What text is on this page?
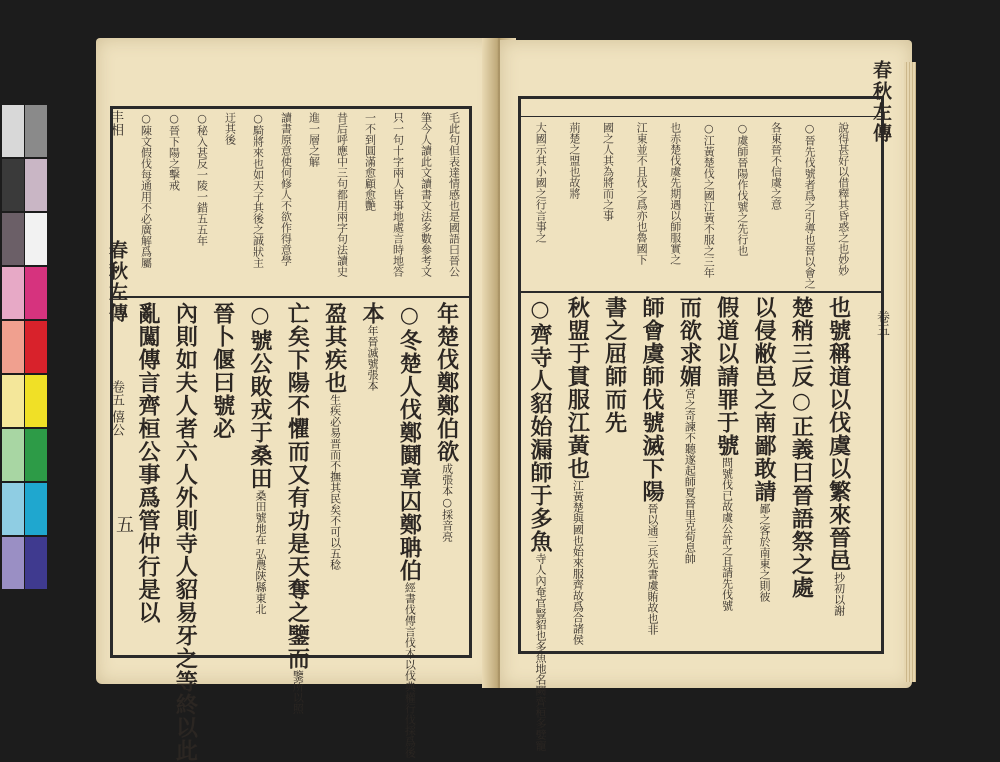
春秋左傳
卷五 僖公
五
丰相	毛此句但表達情感也是國語曰晉公
筆今人讀此文讀書文法多數參考文
只一句十字兩人皆事地處言時地答
一不到圓滿愈顧愈艷
昔后呼應中三句都用兩字句法讀史
進一層之解
讀書原意使何修人不欲作得意學
○騎將來也如天子其後之誠狀主
迂其後
○秘入甚反一陵一錯五五年
○晉下陽之擊戒
○陳文假伐每通用不必廣解爲屬
年楚伐鄭鄭伯欲成張本○採音亮
○冬楚人伐鄭鬪章囚鄭聃伯經書伐傳言伐本以伐典權行伐採爲後
本年晉滅號張本
盈其疾也生疾必易晋而不撫其民矣不可以五稔
亡矣下陽不懼而又有功是天奪之鑒而鑒所以照
○號公敗戎于桑田桑田號地在 弘農陝縣東北
晉卜偃曰號必
內則如夫人者六人外則寺人貂易牙之等終以此
亂闖傳言齊桓公事爲管仲行是以
春秋左傳
卷五
說得甚好以借釋其昏惑之也妙妙
○晉先伐號者爲之引導也晉以會之
各東晉不信虞之意
○虞師晉陽作伐號之先行也
○江黃楚伐之國江黃不服之三年
也赤楚伐虞先期遇以師服實之
江東並不且伐之爲亦也魯國下
國之人其為將而之事
荊楚之盟也故將
大國示其小國之行言事之
也號稱道以伐虞以繁來晉邑抄初以謝
楚稍三反○正義曰晉語祭之處
以侵敝邑之南鄙敢請鄙之客於南東之則彼
假道以請罪于號問號伐已故虞公許之且請先伐號
而欲求媚宮之奇諫不聽遂起師夏晉里克荀息帥
師會虞師伐號滅下陽晉以通三兵先書虞賄故也非
書之屈師而先
秋盟于貫服江黃也江黃楚與國也始來服齊故爲合諸侯
○齊寺人貂始漏師于多魚寺人內奄官豎貂也多魚地名闕齊桓多嬖寵
